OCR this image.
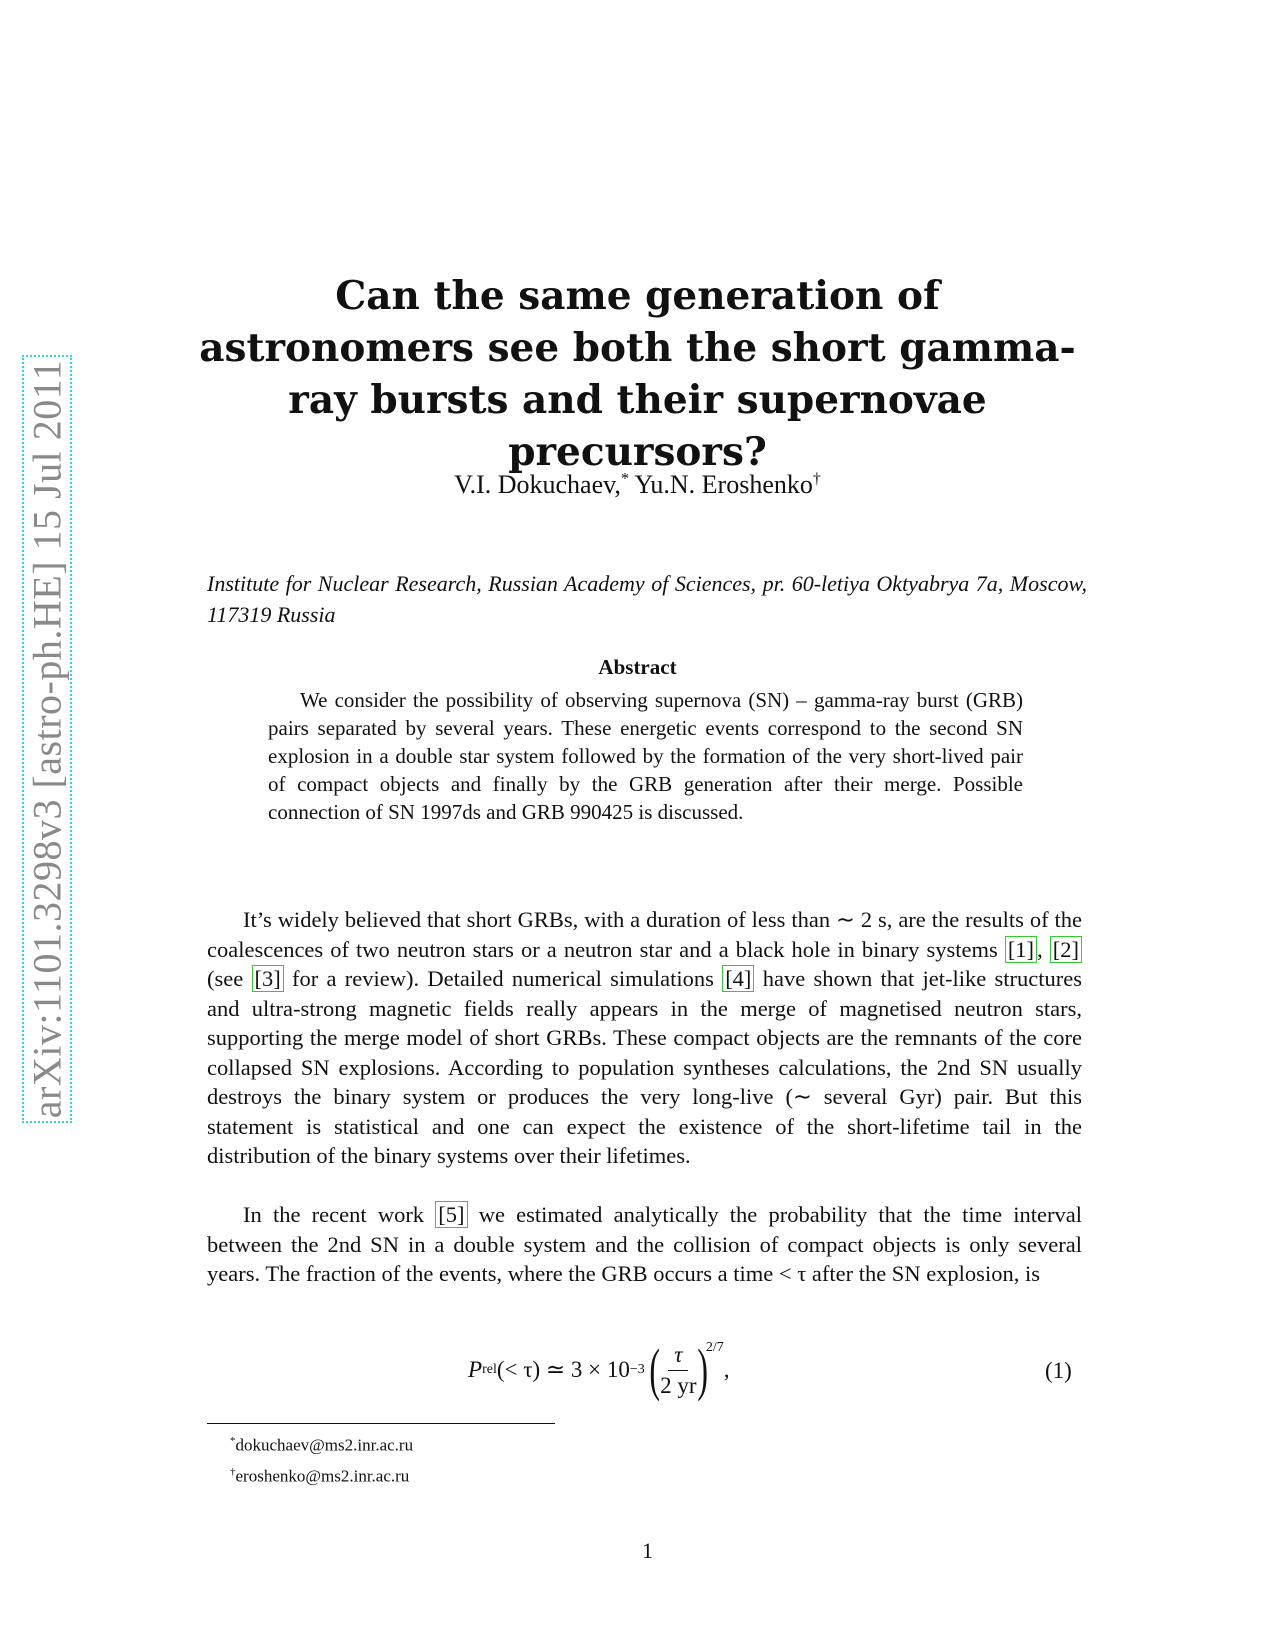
arXiv:1101.3298v3 [astro-ph.HE] 15 Jul 2011
Can the same generation of astronomers see both the short gamma-ray bursts and their supernovae precursors?
V.I. Dokuchaev,* Yu.N. Eroshenko†
Institute for Nuclear Research, Russian Academy of Sciences, pr. 60-letiya Oktyabrya 7a, Moscow, 117319 Russia
Abstract
We consider the possibility of observing supernova (SN) – gamma-ray burst (GRB) pairs separated by several years. These energetic events correspond to the second SN explosion in a double star system followed by the formation of the very short-lived pair of compact objects and finally by the GRB generation after their merge. Possible connection of SN 1997ds and GRB 990425 is discussed.
It’s widely believed that short GRBs, with a duration of less than ∼ 2 s, are the results of the coalescences of two neutron stars or a neutron star and a black hole in binary systems [1] , [2] (see [3] for a review). Detailed numerical simulations [4] have shown that jet-like structures and ultra-strong magnetic fields really appears in the merge of magnetised neutron stars, supporting the merge model of short GRBs. These compact objects are the remnants of the core collapsed SN explosions. According to population syntheses calculations, the 2nd SN usually destroys the binary system or produces the very long-live (∼ several Gyr) pair. But this statement is statistical and one can expect the existence of the short-lifetime tail in the distribution of the binary systems over their lifetimes.
In the recent work [5] we estimated analytically the probability that the time interval between the 2nd SN in a double system and the collision of compact objects is only several years. The fraction of the events, where the GRB occurs a time < τ after the SN explosion, is
P rel (< τ) ≃ 3 × 10 −3 ( $\frac{\tau}{2 yr}$ )
2/7
,	(1)
*dokuchaev@ms2.inr.ac.ru
†eroshenko@ms2.inr.ac.ru
1
